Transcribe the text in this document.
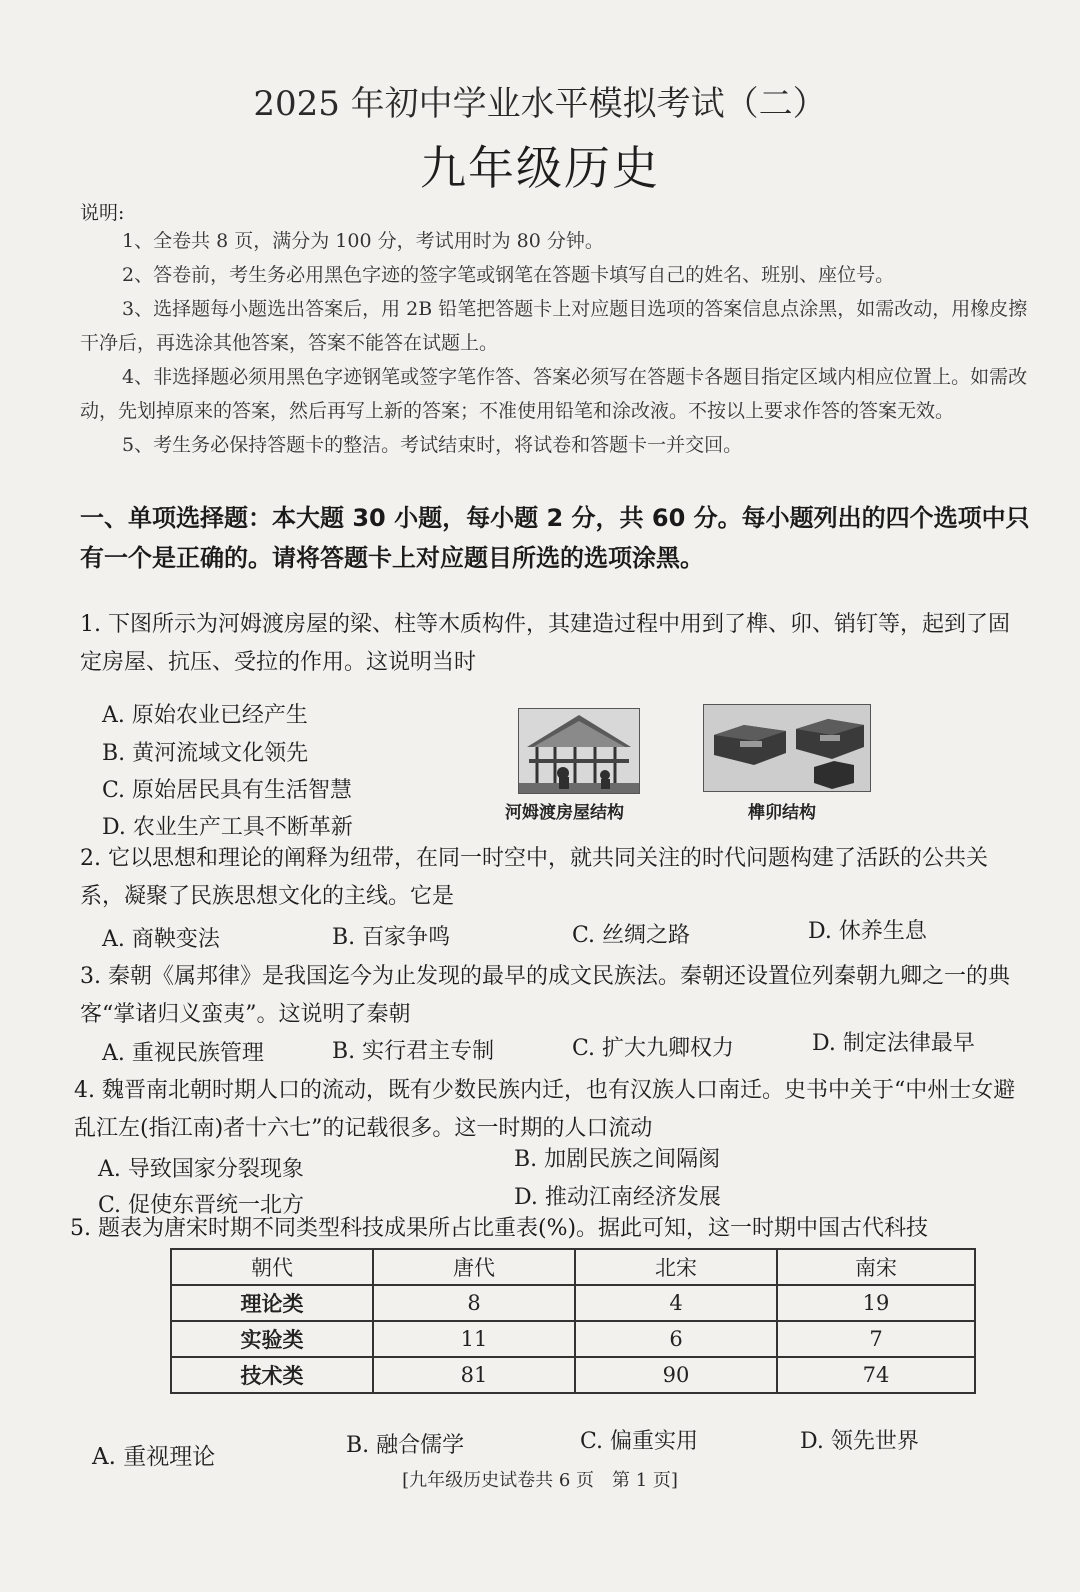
2025 年初中学业水平模拟考试（二）
九年级历史
说明:

1、全卷共 8 页，满分为 100 分，考试用时为 80 分钟。

2、答卷前，考生务必用黑色字迹的签字笔或钢笔在答题卡填写自己的姓名、班别、座位号。

3、选择题每小题选出答案后，用 2B 铅笔把答题卡上对应题目选项的答案信息点涂黑，如需改动，用橡皮擦干净后，再选涂其他答案，答案不能答在试题上。

4、非选择题必须用黑色字迹钢笔或签字笔作答、答案必须写在答题卡各题目指定区域内相应位置上。如需改动，先划掉原来的答案，然后再写上新的答案；不准使用铅笔和涂改液。不按以上要求作答的答案无效。

5、考生务必保持答题卡的整洁。考试结束时，将试卷和答题卡一并交回。

一、单项选择题：本大题 30 小题，每小题 2 分，共 60 分。每小题列出的四个选项中只有一个是正确的。请将答题卡上对应题目所选的选项涂黑。
1. 下图所示为河姆渡房屋的梁、柱等木质构件，其建造过程中用到了榫、卯、销钉等，起到了固定房屋、抗压、受拉的作用。这说明当时
A. 原始农业已经产生
B. 黄河流域文化领先
C. 原始居民具有生活智慧
D. 农业生产工具不断革新
河姆渡房屋结构	榫卯结构
2. 它以思想和理论的阐释为纽带，在同一时空中，就共同关注的时代问题构建了活跃的公共关系，凝聚了民族思想文化的主线。它是
A. 商鞅变法	B. 百家争鸣	C. 丝绸之路	D. 休养生息
3. 秦朝《属邦律》是我国迄今为止发现的最早的成文民族法。秦朝还设置位列秦朝九卿之一的典客“掌诸归义蛮夷”。这说明了秦朝
A. 重视民族管理	B. 实行君主专制	C. 扩大九卿权力	D. 制定法律最早
4. 魏晋南北朝时期人口的流动，既有少数民族内迁，也有汉族人口南迁。史书中关于“中州士女避乱江左(指江南)者十六七”的记载很多。这一时期的人口流动
A. 导致国家分裂现象	B. 加剧民族之间隔阂
C. 促使东晋统一北方	D. 推动江南经济发展
5. 题表为唐宋时期不同类型科技成果所占比重表(%)。据此可知，这一时期中国古代科技
朝代	唐代	北宋	南宋
理论类	8	4	19
实验类	11	6	7
技术类	81	90	74
A. 重视理论	B. 融合儒学	C. 偏重实用	D. 领先世界
[九年级历史试卷共 6 页　第 1 页]
